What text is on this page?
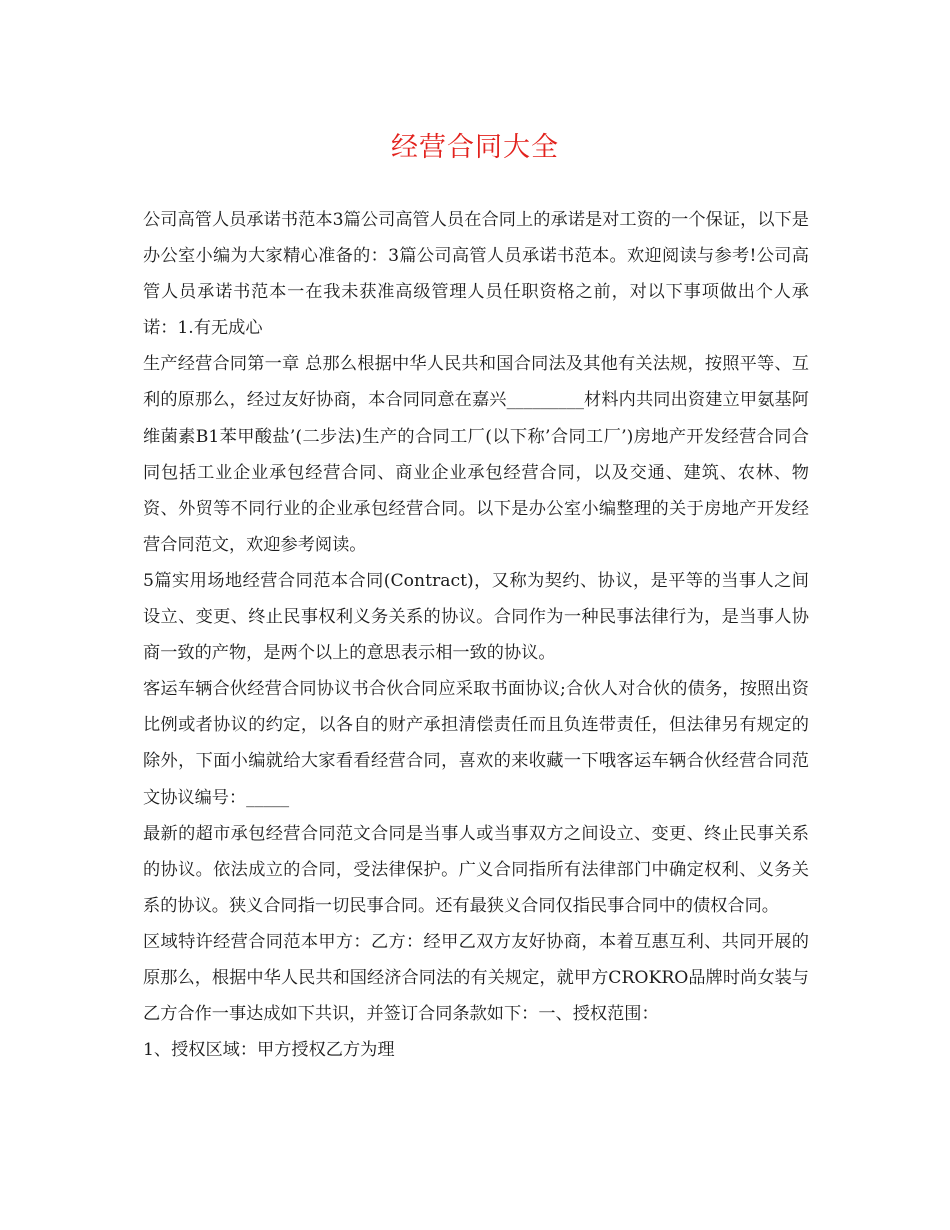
经营合同大全

公司高管人员承诺书范本3篇公司高管人员在合同上的承诺是对工资的一个保证，以下是办公室小编为大家精心准备的：3篇公司高管人员承诺书范本。欢迎阅读与参考!公司高管人员承诺书范本一在我未获准高级管理人员任职资格之前，对以下事项做出个人承诺：1.有无成心

生产经营合同第一章 总那么根据中华人民共和国合同法及其他有关法规，按照平等、互利的原那么，经过友好协商，本合同同意在嘉兴_________材料内共同出资建立甲氨基阿维菌素B1苯甲酸盐’(二步法)生产的合同工厂(以下称’合同工厂’)房地产开发经营合同合同包括工业企业承包经营合同、商业企业承包经营合同，以及交通、建筑、农林、物资、外贸等不同行业的企业承包经营合同。以下是办公室小编整理的关于房地产开发经营合同范文，欢迎参考阅读。

5篇实用场地经营合同范本合同(Contract)，又称为契约、协议，是平等的当事人之间设立、变更、终止民事权利义务关系的协议。合同作为一种民事法律行为，是当事人协商一致的产物，是两个以上的意思表示相一致的协议。

客运车辆合伙经营合同协议书合伙合同应采取书面协议;合伙人对合伙的债务，按照出资比例或者协议的约定，以各自的财产承担清偿责任而且负连带责任，但法律另有规定的除外，下面小编就给大家看看经营合同，喜欢的来收藏一下哦客运车辆合伙经营合同范文协议编号：_____

最新的超市承包经营合同范文合同是当事人或当事双方之间设立、变更、终止民事关系的协议。依法成立的合同，受法律保护。广义合同指所有法律部门中确定权利、义务关系的协议。狭义合同指一切民事合同。还有最狭义合同仅指民事合同中的债权合同。

区域特许经营合同范本甲方：乙方：经甲乙双方友好协商，本着互惠互利、共同开展的原那么，根据中华人民共和国经济合同法的有关规定，就甲方CROKRO品牌时尚女装与乙方合作一事达成如下共识，并签订合同条款如下：一、授权范围：

1、授权区域：甲方授权乙方为理
